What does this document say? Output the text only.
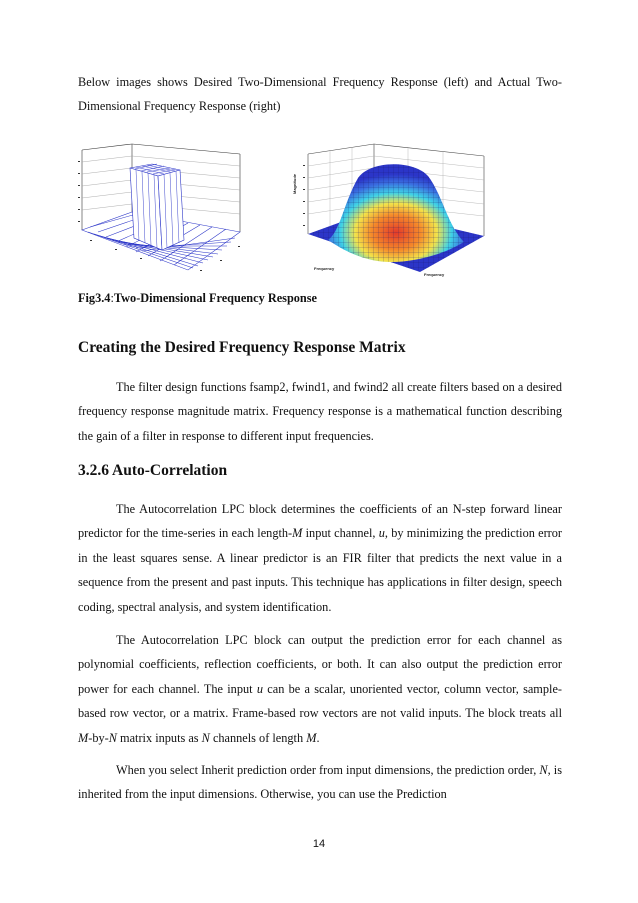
Below images shows Desired Two-Dimensional Frequency Response (left) and Actual Two-Dimensional Frequency Response (right)

Magnitude
Frequency
Frequency
Fig3.4:Two-Dimensional Frequency Response
Creating the Desired Frequency Response Matrix

The filter design functions fsamp2, fwind1, and fwind2 all create filters based on a desired frequency response magnitude matrix. Frequency response is a mathematical function describing the gain of a filter in response to different input frequencies.

3.2.6 Auto-Correlation

The Autocorrelation LPC block determines the coefficients of an N-step forward linear predictor for the time-series in each length-M input channel, u, by minimizing the prediction error in the least squares sense. A linear predictor is an FIR filter that predicts the next value in a sequence from the present and past inputs. This technique has applications in filter design, speech coding, spectral analysis, and system identification.

The Autocorrelation LPC block can output the prediction error for each channel as polynomial coefficients, reflection coefficients, or both. It can also output the prediction error power for each channel. The input u can be a scalar, unoriented vector, column vector, sample-based row vector, or a matrix. Frame-based row vectors are not valid inputs. The block treats all M-by-N matrix inputs as N channels of length M.

When you select Inherit prediction order from input dimensions, the prediction order, N, is inherited from the input dimensions. Otherwise, you can use the Prediction

14
